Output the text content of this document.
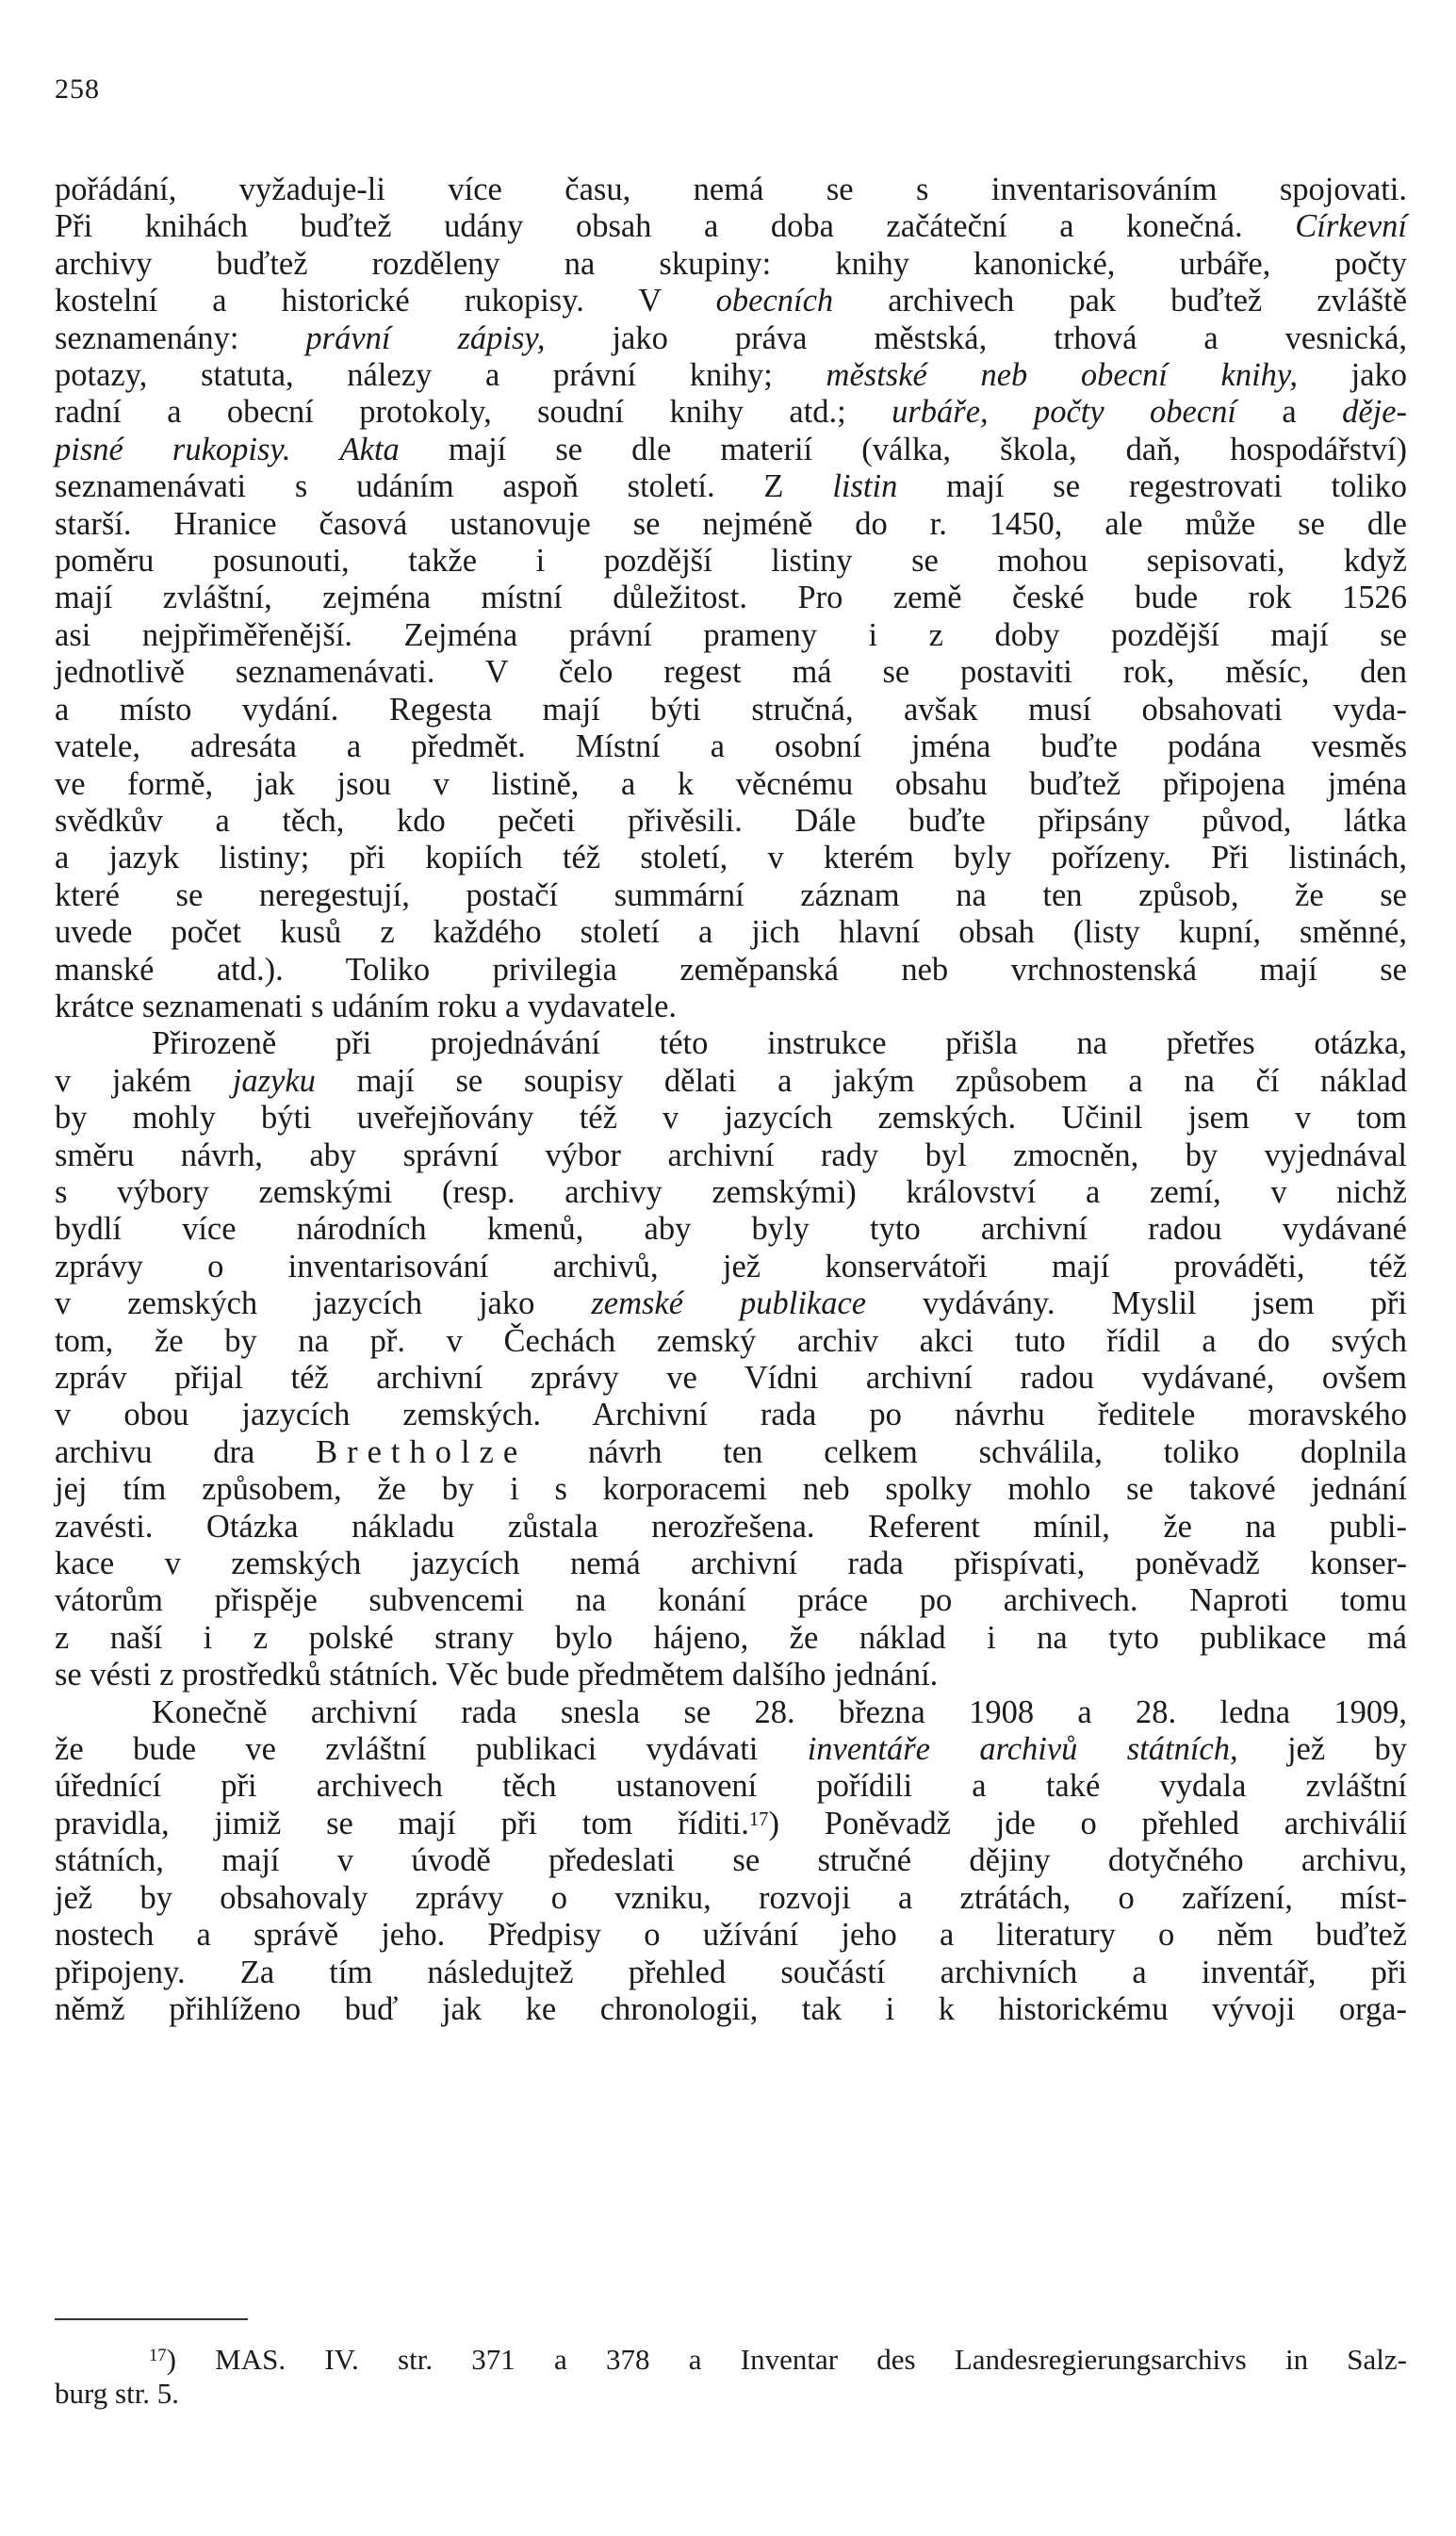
258
pořádání, vyžaduje-li více času, nemá se s inventarisováním spojovati.
Při knihách buďtež udány obsah a doba začáteční a konečná. Církevní
archivy buďtež rozděleny na skupiny: knihy kanonické, urbáře, počty
kostelní a historické rukopisy. V obecních archivech pak buďtež zvláště
seznamenány: právní zápisy, jako práva městská, trhová a vesnická,
potazy, statuta, nálezy a právní knihy; městské neb obecní knihy, jako
radní a obecní protokoly, soudní knihy atd.; urbáře, počty obecní a děje-
pisné rukopisy. Akta mají se dle materií (válka, škola, daň, hospodářství)
seznamenávati s udáním aspoň století. Z listin mají se regestrovati toliko
starší. Hranice časová ustanovuje se nejméně do r. 1450, ale může se dle
poměru posunouti, takže i pozdější listiny se mohou sepisovati, když
mají zvláštní, zejména místní důležitost. Pro země české bude rok 1526
asi nejpřiměřenější. Zejména právní prameny i z doby pozdější mají se
jednotlivě seznamenávati. V čelo regest má se postaviti rok, měsíc, den
a místo vydání. Regesta mají býti stručná, avšak musí obsahovati vyda-
vatele, adresáta a předmět. Místní a osobní jména buďte podána vesměs
ve formě, jak jsou v listině, a k věcnému obsahu buďtež připojena jména
svědkův a těch, kdo pečeti přivěsili. Dále buďte připsány původ, látka
a jazyk listiny; při kopiích též století, v kterém byly pořízeny. Při listinách,
které se neregestují, postačí summární záznam na ten způsob, že se
uvede počet kusů z každého století a jich hlavní obsah (listy kupní, směnné,
manské atd.). Toliko privilegia zeměpanská neb vrchnostenská mají se
krátce seznamenati s udáním roku a vydavatele.
Přirozeně při projednávání této instrukce přišla na přetřes otázka,
v jakém jazyku mají se soupisy dělati a jakým způsobem a na čí náklad
by mohly býti uveřejňovány též v jazycích zemských. Učinil jsem v tom
směru návrh, aby správní výbor archivní rady byl zmocněn, by vyjednával
s výbory zemskými (resp. archivy zemskými) království a zemí, v nichž
bydlí více národních kmenů, aby byly tyto archivní radou vydávané
zprávy o inventarisování archivů, jež konservátoři mají prováděti, též
v zemských jazycích jako zemské publikace vydávány. Myslil jsem při
tom, že by na př. v Čechách zemský archiv akci tuto řídil a do svých
zpráv přijal též archivní zprávy ve Vídni archivní radou vydávané, ovšem
v obou jazycích zemských. Archivní rada po návrhu ředitele moravského
archivu dra Bretholze návrh ten celkem schválila, toliko doplnila
jej tím způsobem, že by i s korporacemi neb spolky mohlo se takové jednání
zavésti. Otázka nákladu zůstala nerozřešena. Referent mínil, že na publi-
kace v zemských jazycích nemá archivní rada přispívati, poněvadž konser-
vátorům přispěje subvencemi na konání práce po archivech. Naproti tomu
z naší i z polské strany bylo hájeno, že náklad i na tyto publikace má
se vésti z prostředků státních. Věc bude předmětem dalšího jednání.
Konečně archivní rada snesla se 28. března 1908 a 28. ledna 1909,
že bude ve zvláštní publikaci vydávati inventáře archivů státních, jež by
úřednící při archivech těch ustanovení pořídili a také vydala zvláštní
pravidla, jimiž se mají při tom říditi.$^{17}$) Poněvadž jde o přehled archiválií
státních, mají v úvodě předeslati se stručné dějiny dotyčného archivu,
jež by obsahovaly zprávy o vzniku, rozvoji a ztrátách, o zařízení, míst-
nostech a správě jeho. Předpisy o užívání jeho a literatury o něm buďtež
připojeny. Za tím následujtež přehled součástí archivních a inventář, při
němž přihlíženo buď jak ke chronologii, tak i k historickému vývoji orga-
$^{17}$) MAS. IV. str. 371 a 378 a Inventar des Landesregierungsarchivs in Salz-
burg str. 5.
